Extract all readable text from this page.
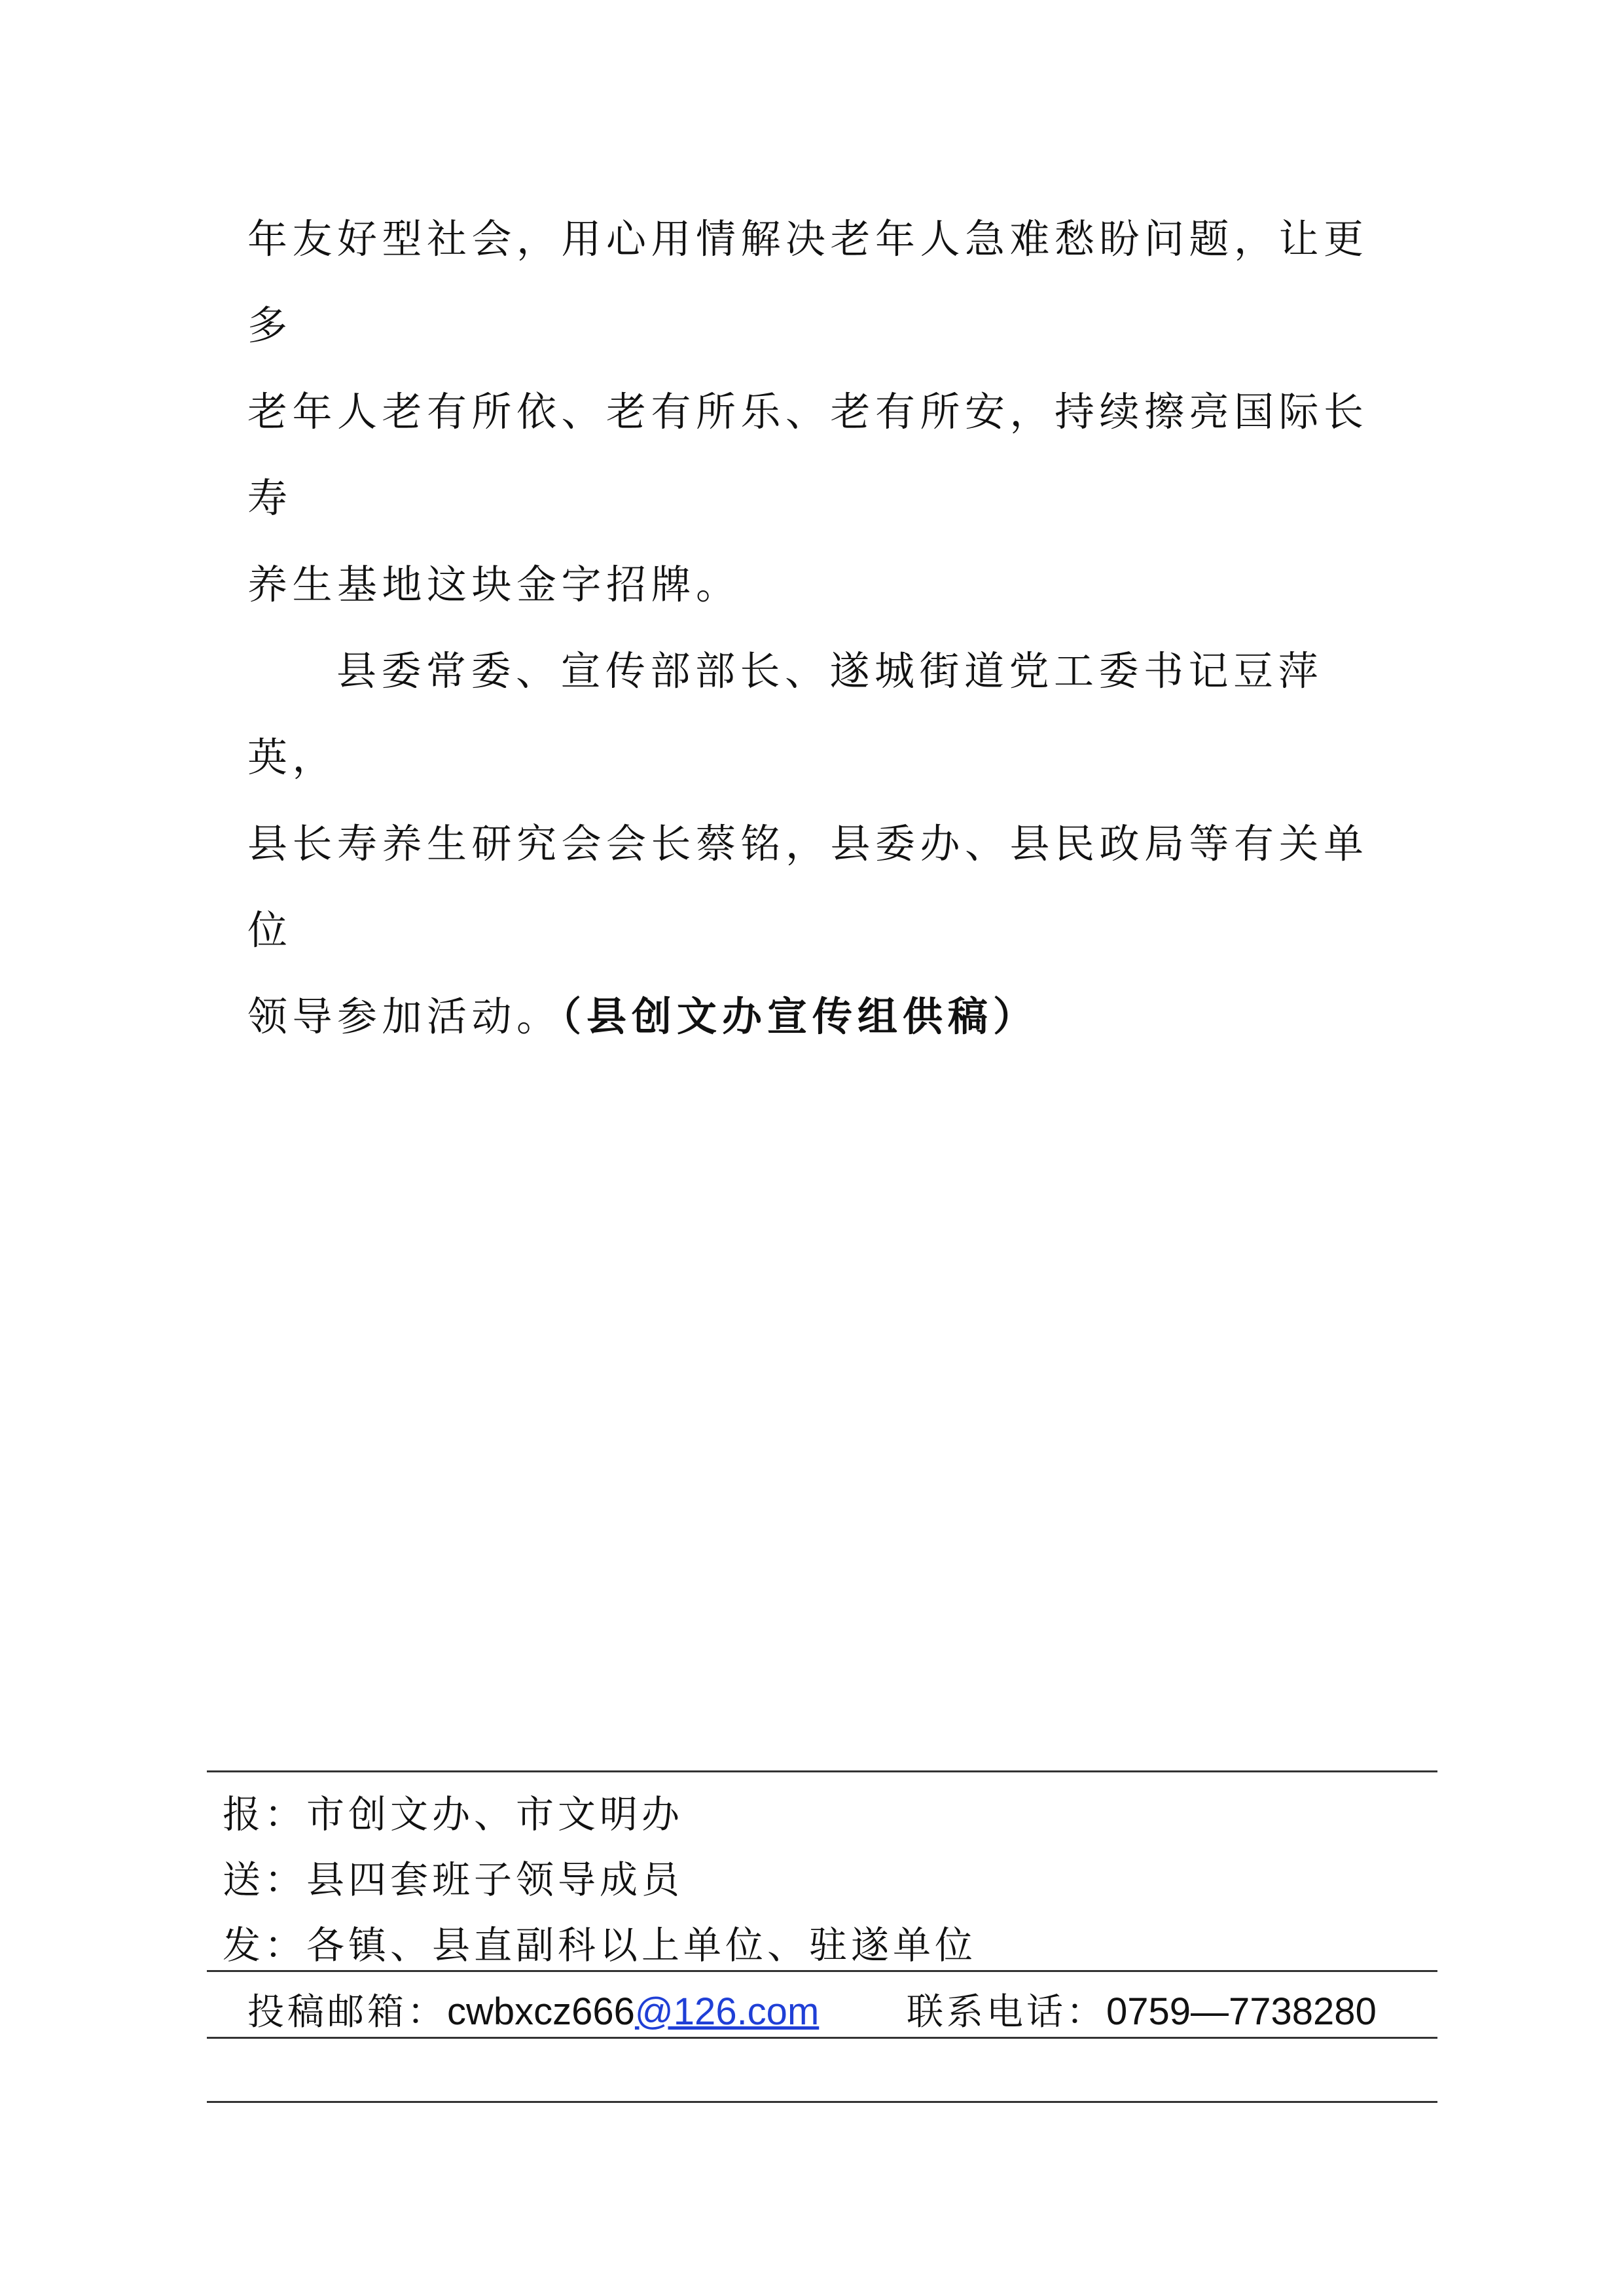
年友好型社会，用心用情解决老年人急难愁盼问题，让更多

老年人老有所依、老有所乐、老有所安，持续擦亮国际长寿

养生基地这块金字招牌。

县委常委、宣传部部长、遂城街道党工委书记豆萍英，

县长寿养生研究会会长蔡铭，县委办、县民政局等有关单位

领导参加活动。（县创文办宣传组供稿）

报：市创文办、市文明办
送：县四套班子领导成员
发：各镇、县直副科以上单位、驻遂单位
投稿邮箱：cwbxcz666@126.com 联系电话：0759—7738280
